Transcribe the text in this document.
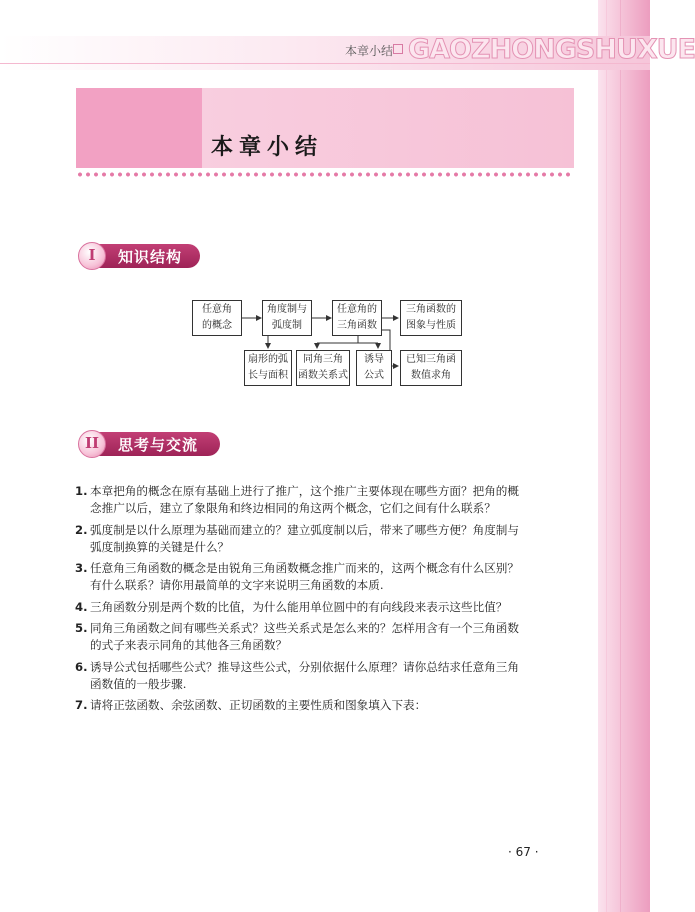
本章小结 GAOZHONGSHUXUE
本章小结
知识结构
I
任意角
的概念
角度制与
弧度制
任意角的
三角函数
三角函数的
图象与性质
扇形的弧
长与面积
同角三角
函数关系式
诱导
公式
已知三角函
数值求角
思考与交流
II
1. 本章把角的概念在原有基础上进行了推广，这个推广主要体现在哪些方面？把角的概
念推广以后，建立了象限角和终边相同的角这两个概念，它们之间有什么联系？
2. 弧度制是以什么原理为基础而建立的？建立弧度制以后，带来了哪些方便？角度制与
弧度制换算的关键是什么？
3. 任意角三角函数的概念是由锐角三角函数概念推广而来的，这两个概念有什么区别？
有什么联系？请你用最简单的文字来说明三角函数的本质.
4. 三角函数分别是两个数的比值，为什么能用单位圆中的有向线段来表示这些比值？
5. 同角三角函数之间有哪些关系式？这些关系式是怎么来的？怎样用含有一个三角函数
的式子来表示同角的其他各三角函数？
6. 诱导公式包括哪些公式？推导这些公式，分别依据什么原理？请你总结求任意角三角
函数值的一般步骤.
7. 请将正弦函数、余弦函数、正切函数的主要性质和图象填入下表：
· 67 ·
